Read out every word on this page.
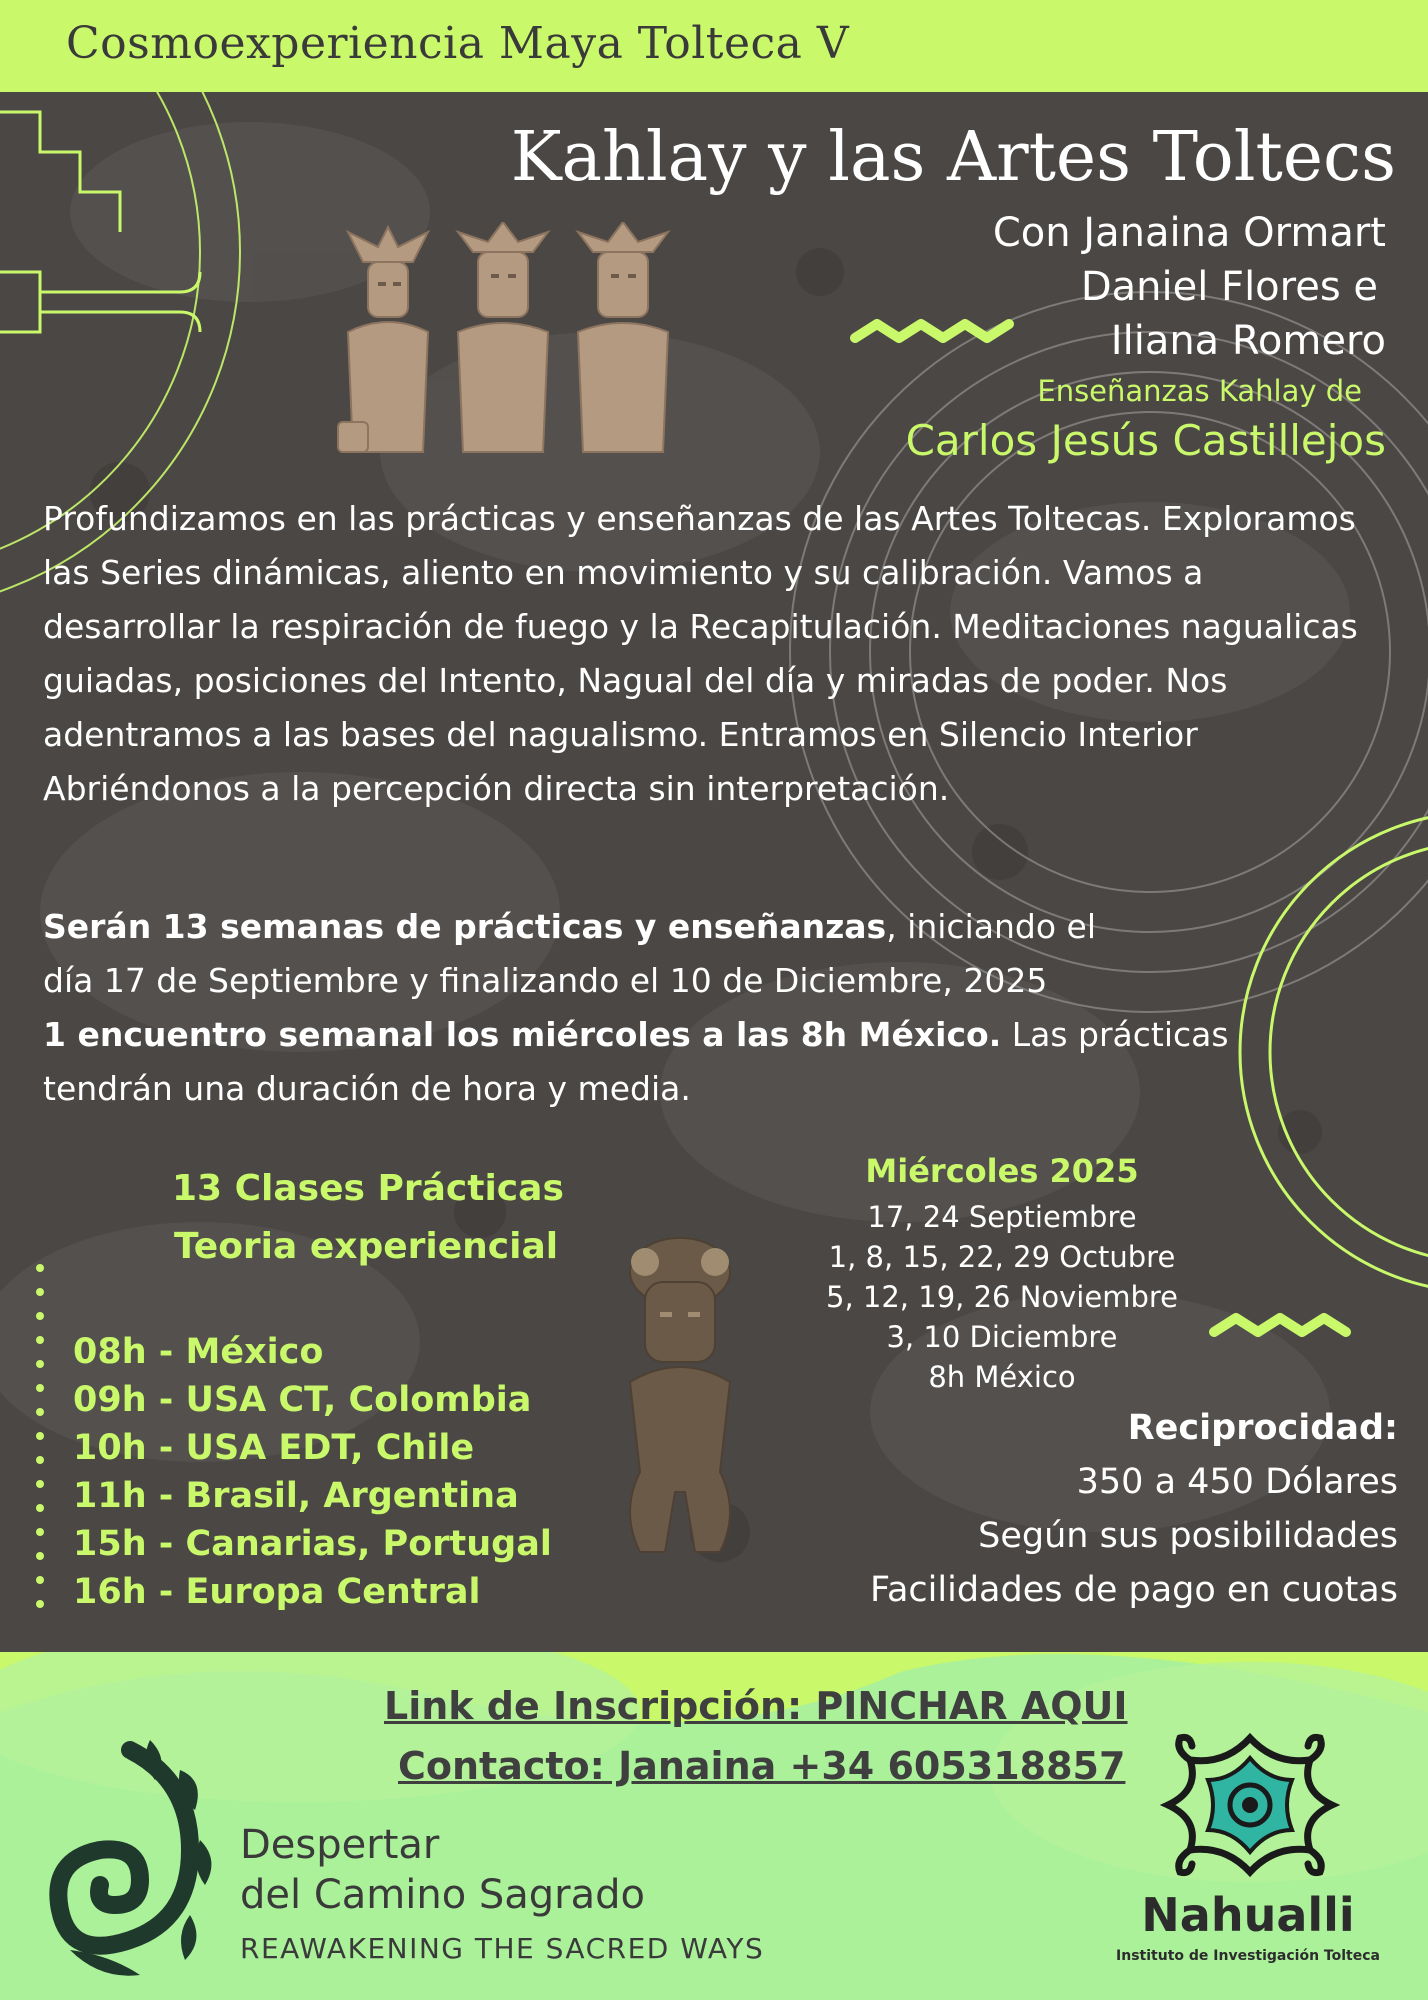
Cosmoexperiencia Maya Tolteca V
Kahlay y las Artes Toltecs
Con Janaina Ormart
Daniel Flores e
Iliana Romero
Enseñanzas Kahlay de
Carlos Jesús Castillejos
Profundizamos en las prácticas y enseñanzas de las Artes Toltecas. Exploramos las Series dinámicas, aliento en movimiento y su calibración. Vamos a desarrollar la respiración de fuego y la Recapitulación. Meditaciones nagualicas guiadas, posiciones del Intento, Nagual del día y miradas de poder. Nos adentramos a las bases del nagualismo. Entramos en Silencio Interior Abriéndonos a la percepción directa sin interpretación.
Serán 13 semanas de prácticas y enseñanzas, iniciando el
día 17 de Septiembre y finalizando el 10 de Diciembre, 2025
1 encuentro semanal los miércoles a las 8h México. Las prácticas
tendrán una duración de hora y media.
13 Clases Prácticas
Teoria experiencial
08h - México
09h - USA CT, Colombia
10h - USA EDT, Chile
11h - Brasil, Argentina
15h - Canarias, Portugal
16h - Europa Central
Miércoles 2025
17, 24 Septiembre
1, 8, 15, 22, 29 Octubre
5, 12, 19, 26 Noviembre
3, 10 Diciembre
8h México
Reciprocidad:
350 a 450 Dólares
Según sus posibilidades
Facilidades de pago en cuotas
Link de Inscripción: PINCHAR AQUI
Contacto: Janaina +34 605318857
Despertar
del Camino Sagrado
REAWAKENING THE SACRED WAYS
Nahualli
Instituto de Investigación Tolteca
